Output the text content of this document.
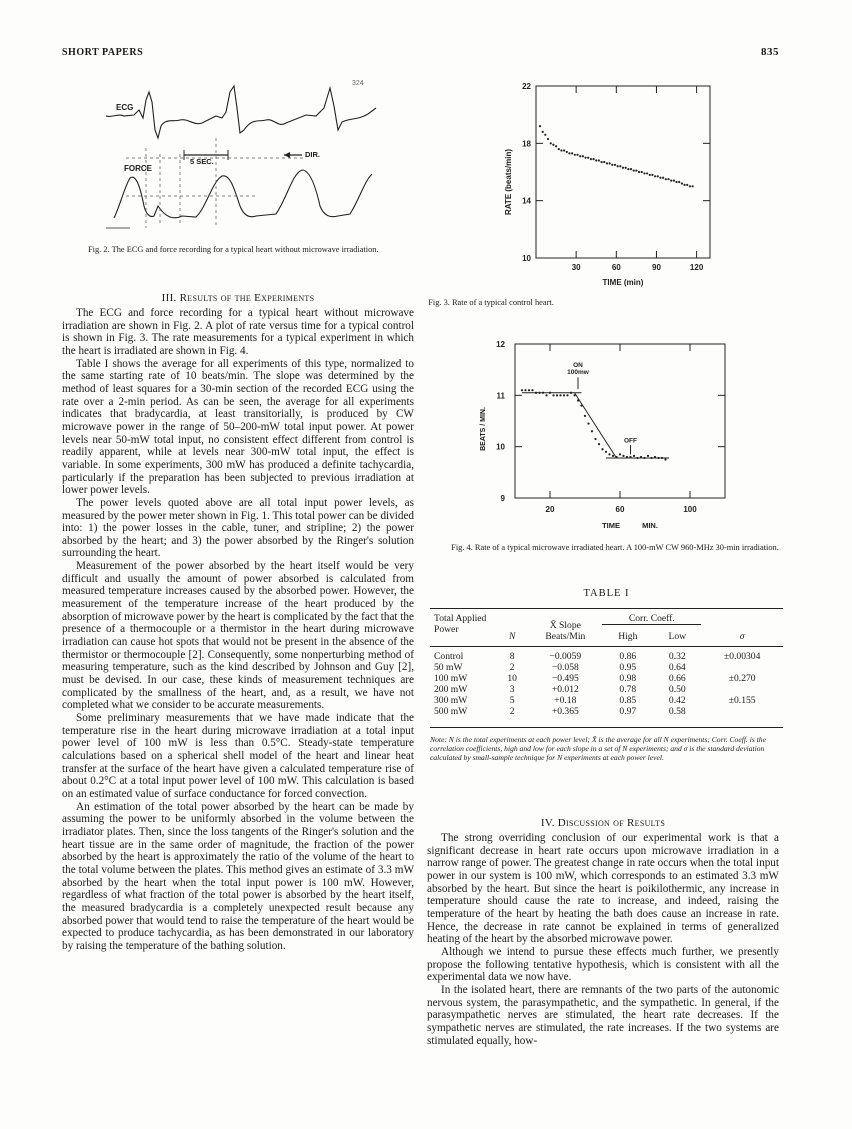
SHORT PAPERS	835
ECG
FORCE
5 SEC.
DIR.
324
Fig. 2. The ECG and force recording for a typical heart without microwave irradiation.
30	60	90	120
10
14
18
22
TIME (min)
RATE (beats/min)
Fig. 3. Rate of a typical control heart.
20	60	100
9
10
11
12
ON
100mw
OFF
TIME MIN.
BEATS / MIN.
Fig. 4. Rate of a typical microwave irradiated heart. A 100-mW CW 960-MHz 30-min irradiation.
III. Results of the Experiments

The ECG and force recording for a typical heart without microwave irradiation are shown in Fig. 2. A plot of rate versus time for a typical control is shown in Fig. 3. The rate measurements for a typical experiment in which the heart is irradiated are shown in Fig. 4.

Table I shows the average for all experiments of this type, normalized to the same starting rate of 10 beats/min. The slope was determined by the method of least squares for a 30-min section of the recorded ECG using the rate over a 2-min period. As can be seen, the average for all experiments indicates that bradycardia, at least transitorially, is produced by CW microwave power in the range of 50–200-mW total input power. At power levels near 50-mW total input, no consistent effect different from control is readily apparent, while at levels near 300-mW total input, the effect is variable. In some experiments, 300 mW has produced a definite tachycardia, particularly if the preparation has been subjected to previous irradiation at lower power levels.

The power levels quoted above are all total input power levels, as measured by the power meter shown in Fig. 1. This total power can be divided into: 1) the power losses in the cable, tuner, and stripline; 2) the power absorbed by the heart; and 3) the power absorbed by the Ringer's solution surrounding the heart.

Measurement of the power absorbed by the heart itself would be very difficult and usually the amount of power absorbed is calculated from measured temperature increases caused by the absorbed power. However, the measurement of the temperature increase of the heart produced by the absorption of microwave power by the heart is complicated by the fact that the presence of a thermocouple or a thermistor in the heart during microwave irradiation can cause hot spots that would not be present in the absence of the thermistor or thermocouple [2]. Consequently, some nonperturbing method of measuring temperature, such as the kind described by Johnson and Guy [2], must be devised. In our case, these kinds of measurement techniques are complicated by the smallness of the heart, and, as a result, we have not completed what we consider to be accurate measurements.

Some preliminary measurements that we have made indicate that the temperature rise in the heart during microwave irradiation at a total input power level of 100 mW is less than 0.5°C. Steady-state temperature calculations based on a spherical shell model of the heart and linear heat transfer at the surface of the heart have given a calculated temperature rise of about 0.2°C at a total input power level of 100 mW. This calculation is based on an estimated value of surface conductance for forced convection.

An estimation of the total power absorbed by the heart can be made by assuming the power to be uniformly absorbed in the volume between the irradiator plates. Then, since the loss tangents of the Ringer's solution and the heart tissue are in the same order of magnitude, the fraction of the power absorbed by the heart is approximately the ratio of the volume of the heart to the total volume between the plates. This method gives an estimate of 3.3 mW absorbed by the heart when the total input power is 100 mW. However, regardless of what fraction of the total power is absorbed by the heart itself, the measured bradycardia is a completely unexpected result because any absorbed power that would tend to raise the temperature of the heart would be expected to produce tachycardia, as has been demonstrated in our laboratory by raising the temperature of the bathing solution.

TABLE I
Total Applied Power	N	X̄ Slope Beats/Min	Corr. Coeff.		σ
			High	Low	

Control	8	−0.0059	0.86	0.32	±0.00304
50 mW	2	−0.058	0.95	0.64	
100 mW	10	−0.495	0.98	0.66	±0.270
200 mW	3	+0.012	0.78	0.50	
300 mW	5	+0.18	0.85	0.42	±0.155
500 mW	2	+0.365	0.97	0.58	

Note: N is the total experiments at each power level; X̄ is the average for all N experiments; Corr. Coeff. is the correlation coefficients, high and low for each slope in a set of N experiments; and σ is the standard deviation calculated by small-sample technique for N experiments at each power level.
IV. Discussion of Results

The strong overriding conclusion of our experimental work is that a significant decrease in heart rate occurs upon microwave irradiation in a narrow range of power. The greatest change in rate occurs when the total input power in our system is 100 mW, which corresponds to an estimated 3.3 mW absorbed by the heart. But since the heart is poikilothermic, any increase in temperature should cause the rate to increase, and indeed, raising the temperature of the heart by heating the bath does cause an increase in rate. Hence, the decrease in rate cannot be explained in terms of generalized heating of the heart by the absorbed microwave power.

Although we intend to pursue these effects much further, we presently propose the following tentative hypothesis, which is consistent with all the experimental data we now have.

In the isolated heart, there are remnants of the two parts of the autonomic nervous system, the parasympathetic, and the sympathetic. In general, if the parasympathetic nerves are stimulated, the heart rate decreases. If the sympathetic nerves are stimulated, the rate increases. If the two systems are stimulated equally, how-
